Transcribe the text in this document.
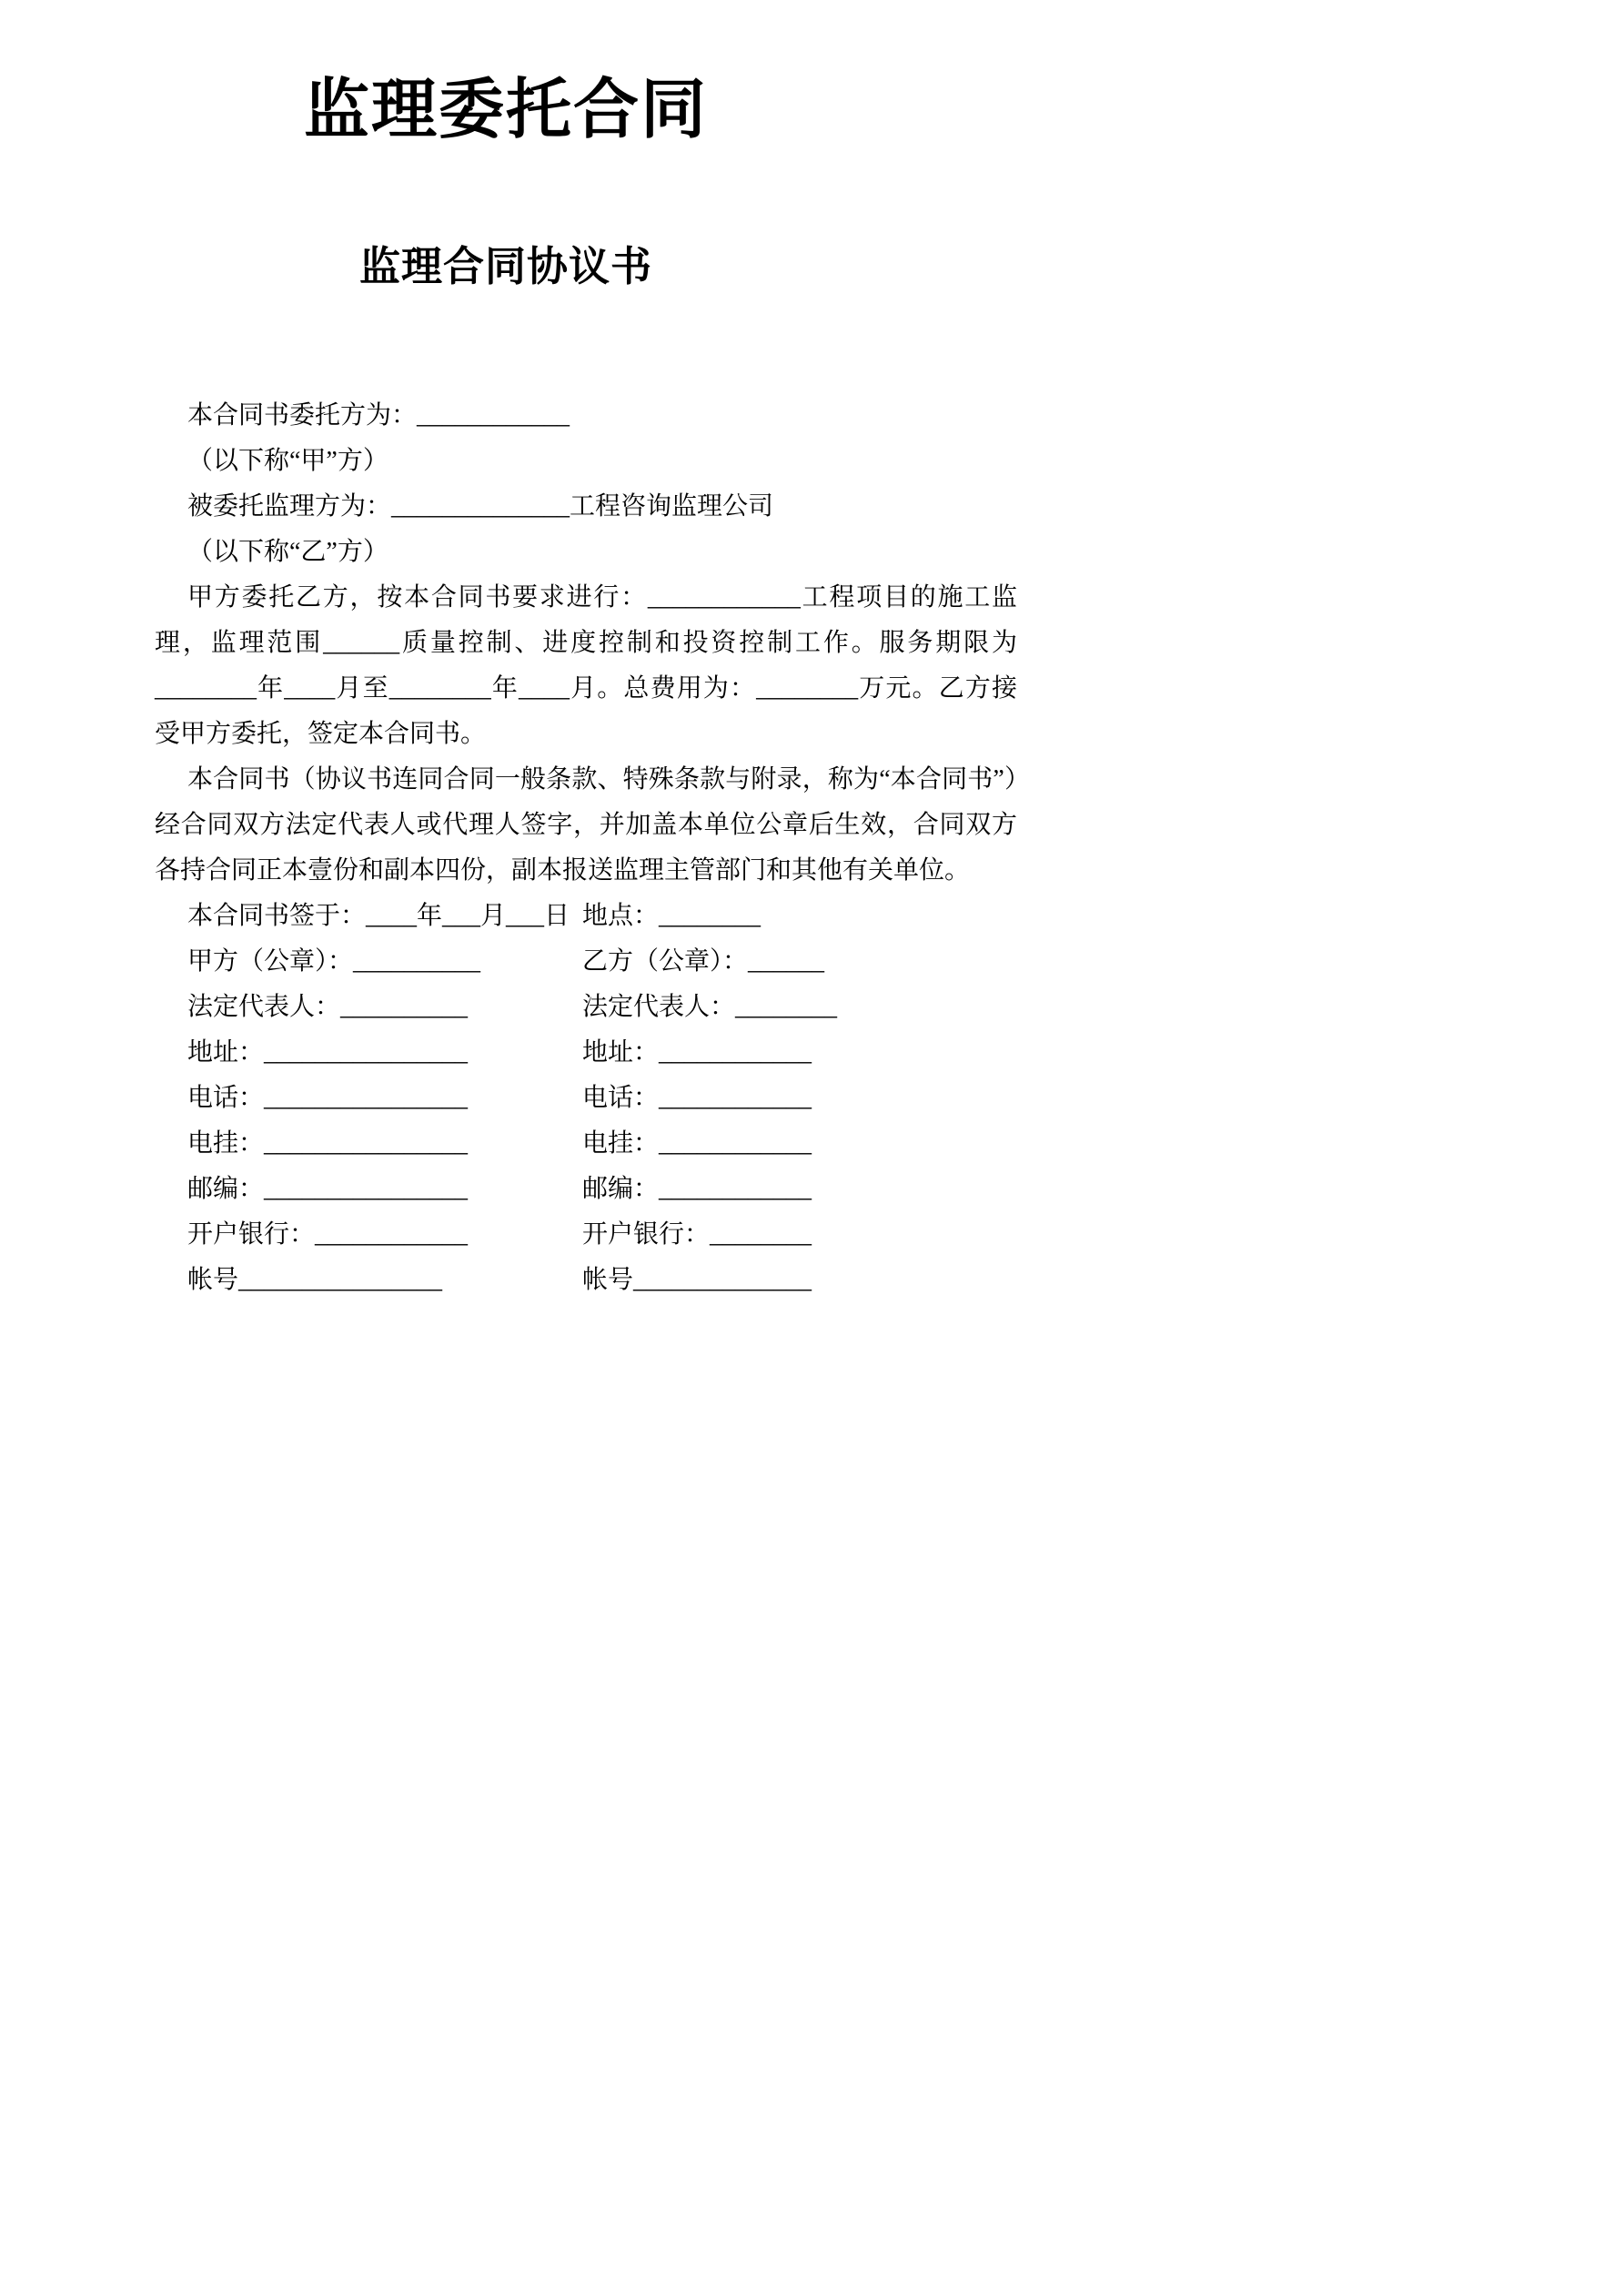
监理委托合同
监理合同协议书

本合同书委托方为：____________

（以下称“甲”方）

被委托监理方为：______________工程咨询监理公司

（以下称“乙”方）

甲方委托乙方，按本合同书要求进行：____________工程项目的施工监理，监理范围______质量控制、进度控制和投资控制工作。服务期限为________年____月至________年____月。总费用为：________万元。乙方接受甲方委托，签定本合同书。

本合同书（协议书连同合同一般条款、特殊条款与附录，称为“本合同书”）经合同双方法定代表人或代理人签字，并加盖本单位公章后生效，合同双方各持合同正本壹份和副本四份，副本报送监理主管部门和其他有关单位。

本合同书签于：____年___月___日 地点：________
甲方（公章）：__________	乙方（公章）：______
法定代表人：__________	法定代表人：________
地址：________________	地址：____________
电话：________________	电话：____________
电挂：________________	电挂：____________
邮编：________________	邮编：____________
开户银行：____________	开户银行：________
帐号________________	帐号______________
